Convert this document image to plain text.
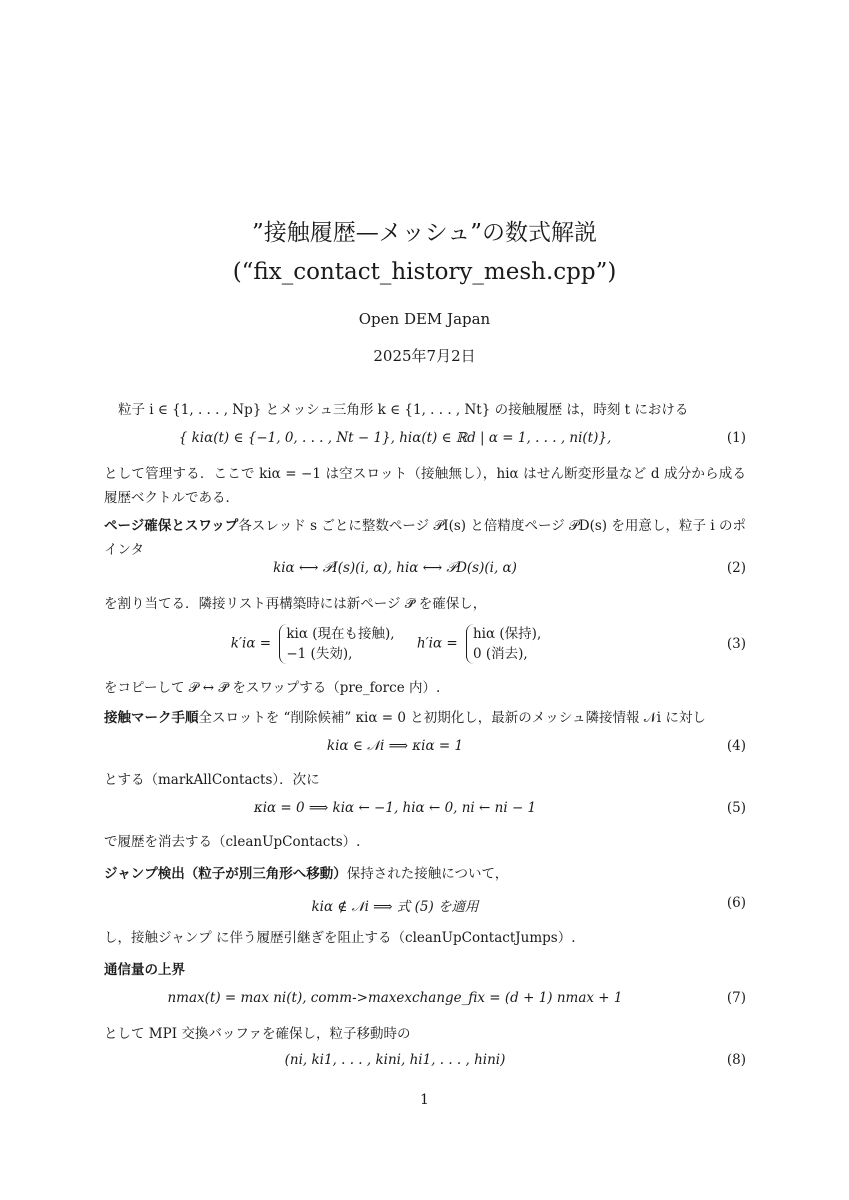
”接触履歴—メッシュ”の数式解説
(“fix_contact_history_mesh.cpp”)
Open DEM Japan
2025年7月2日
粒子 i ∈ {1, . . . , Np} とメッシュ三角形 k ∈ {1, . . . , Nt} の接触履歴 は，時刻 t における
{ kiα(t) ∈ {−1, 0, . . . , Nt − 1}, hiα(t) ∈ ℝd | α = 1, . . . , ni(t)},	(1)
として管理する．ここで kiα = −1 は空スロット（接触無し），hiα はせん断変形量など d 成分から成る履歴ベクトルである．
ページ確保とスワップ各スレッド s ごとに整数ページ 𝒫I(s) と倍精度ページ 𝒫D(s) を用意し，粒子 i のポインタ
kiα ⟷ 𝒫I(s)(i, α), hiα ⟷ 𝒫D(s)(i, α)	(2)
を割り当てる．隣接リスト再構築時には新ページ 𝒫̃ を確保し，
k′iα = kiα (現在も接触),
−1 (失効), h′iα = hiα (保持),
0 (消去),
(3)
をコピーして 𝒫 ↔ 𝒫̃ をスワップする（pre_force 内）.
接触マーク手順全スロットを “削除候補” κiα = 0 と初期化し，最新のメッシュ隣接情報 𝒩i に対し
kiα ∈ 𝒩i ⟹ κiα = 1	(4)
とする（markAllContacts）．次に
κiα = 0 ⟹ kiα ← −1, hiα ← 0, ni ← ni − 1	(5)
で履歴を消去する（cleanUpContacts）.
ジャンプ検出（粒子が別三角形へ移動）保持された接触について，
kiα ∉ 𝒩i ⟹ 式 (5) を適用	(6)
し，接触ジャンプ に伴う履歴引継ぎを阻止する（cleanUpContactJumps）.
通信量の上界
nmax(t) = max ni(t), comm->maxexchange_fix = (d + 1) nmax + 1	(7)
として MPI 交換バッファを確保し，粒子移動時の
(ni, ki1, . . . , kini, hi1, . . . , hini)	(8)
1
